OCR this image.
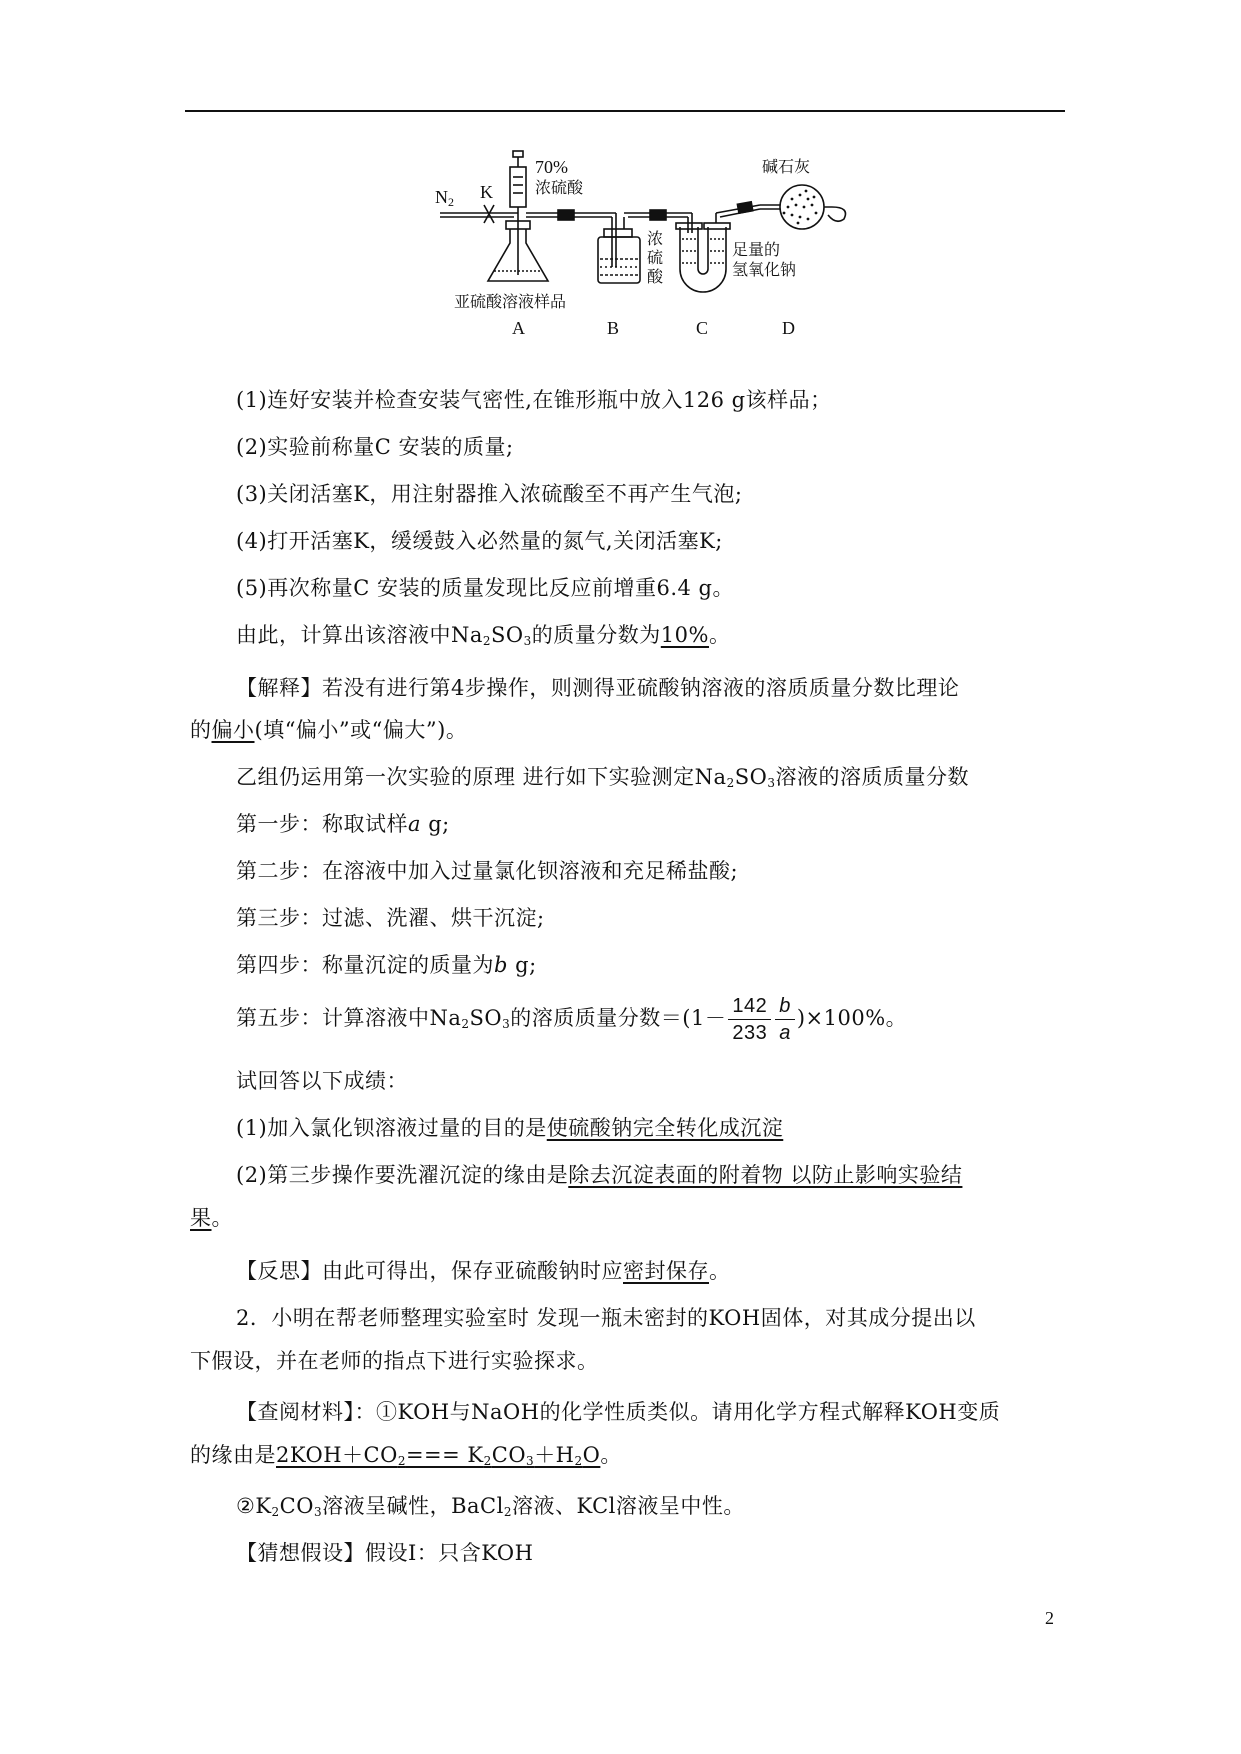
$N_2$ K
70%
浓硫酸
浓
硫
酸
碱石灰
足量的
氢氧化钠
亚硫酸溶液样品
A	B	C	D
(1)连好安装并检查安装气密性,在锥形瓶中放入126 g该样品；
(2)实验前称量C 安装的质量;
(3)关闭活塞K，用注射器推入浓硫酸至不再产生气泡;
(4)打开活塞K，缓缓鼓入必然量的氮气,关闭活塞K;
(5)再次称量C 安装的质量发现比反应前增重6.4 g。
由此，计算出该溶液中$Na_2SO_3$的质量分数为10%。
【解释】若没有进行第4步操作，则测得亚硫酸钠溶液的溶质质量分数比理论
的偏小(填“偏小”或“偏大”)。
乙组仍运用第一次实验的原理 进行如下实验测定$Na_2SO_3$溶液的溶质质量分数
第一步：称取试样a g;
第二步：在溶液中加入过量氯化钡溶液和充足稀盐酸;
第三步：过滤、洗濯、烘干沉淀;
第四步：称量沉淀的质量为b g;
第五步：计算溶液中$Na_2SO_3$的溶质质量分数$=(1- \frac{142}{233} \frac{b}{a} )\times 100\%$。
试回答以下成绩：
(1)加入氯化钡溶液过量的目的是使硫酸钠完全转化成沉淀
(2)第三步操作要洗濯沉淀的缘由是除去沉淀表面的附着物 以防止影响实验结
果。
【反思】由此可得出，保存亚硫酸钠时应密封保存。
2．小明在帮老师整理实验室时 发现一瓶未密封的KOH固体，对其成分提出以
下假设，并在老师的指点下进行实验探求。
【查阅材料】：①KOH与NaOH的化学性质类似。请用化学方程式解释KOH变质
的缘由是$2KOH+CO_2=== K_2CO_3+H_2O$。
$②K_2CO_3$溶液呈碱性，BaCl$_2$溶液、KCl溶液呈中性。
【猜想假设】假设Ⅰ：只含KOH
2
